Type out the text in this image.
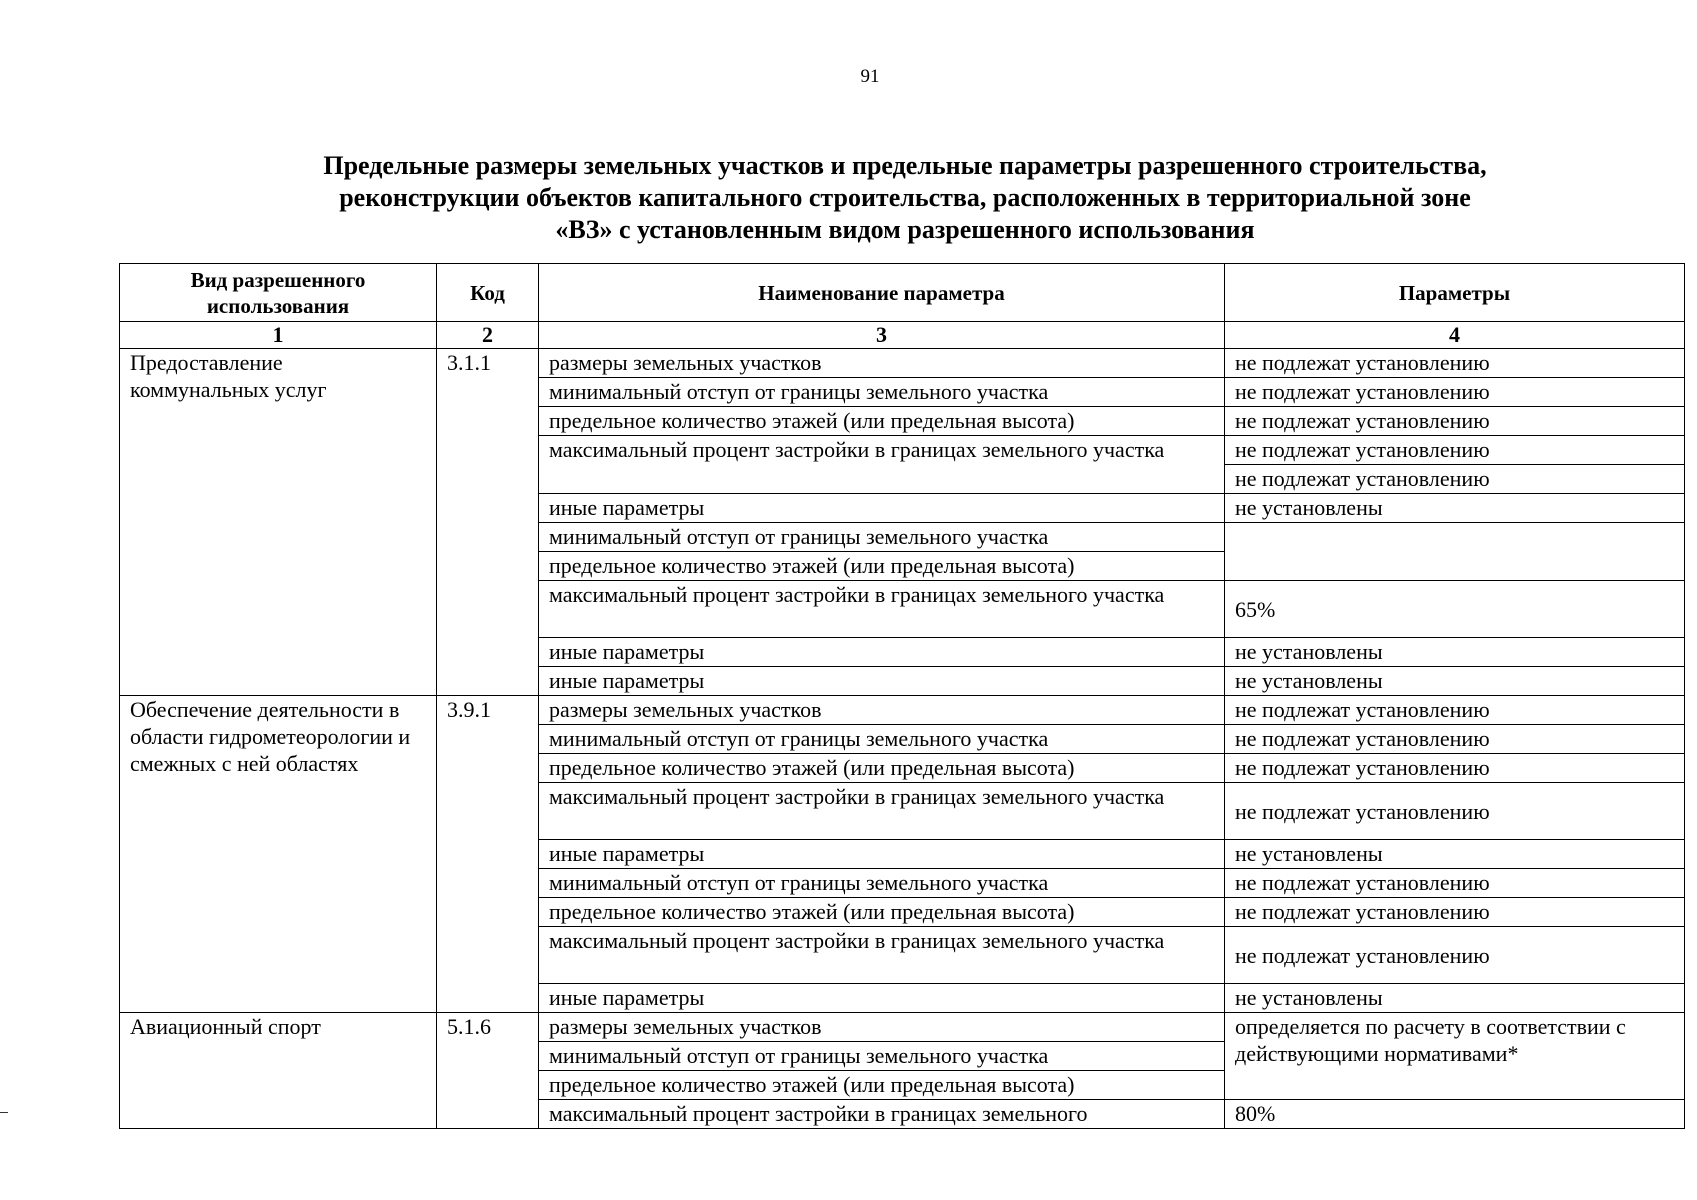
91
Предельные размеры земельных участков и предельные параметры разрешенного строительства,
реконструкции объектов капитального строительства, расположенных в территориальной зоне
«ВЗ» с установленным видом разрешенного использования
Вид разрешенного использования	Код	Наименование параметра	Параметры
1	2	3	4
Предоставление коммунальных услуг	3.1.1	размеры земельных участков	не подлежат установлению
		минимальный отступ от границы земельного участка	не подлежат установлению
		предельное количество этажей (или предельная высота)	не подлежат установлению
		максимальный процент застройки в границах земельного участка	не подлежат установлению
			не подлежат установлению
		иные параметры	не установлены
		минимальный отступ от границы земельного участка	
		предельное количество этажей (или предельная высота)	
		максимальный процент застройки в границах земельного участка	65%
		иные параметры	не установлены
		иные параметры	не установлены
Обеспечение деятельности в области гидрометеорологии и смежных с ней областях	3.9.1	размеры земельных участков	не подлежат установлению
		минимальный отступ от границы земельного участка	не подлежат установлению
		предельное количество этажей (или предельная высота)	не подлежат установлению
		максимальный процент застройки в границах земельного участка	не подлежат установлению
		иные параметры	не установлены
		минимальный отступ от границы земельного участка	не подлежат установлению
		предельное количество этажей (или предельная высота)	не подлежат установлению
		максимальный процент застройки в границах земельного участка	не подлежат установлению
		иные параметры	не установлены
Авиационный спорт	5.1.6	размеры земельных участков	определяется по расчету в соответствии с действующими нормативами*
		минимальный отступ от границы земельного участка	
		предельное количество этажей (или предельная высота)	
		максимальный процент застройки в границах земельного	80%
